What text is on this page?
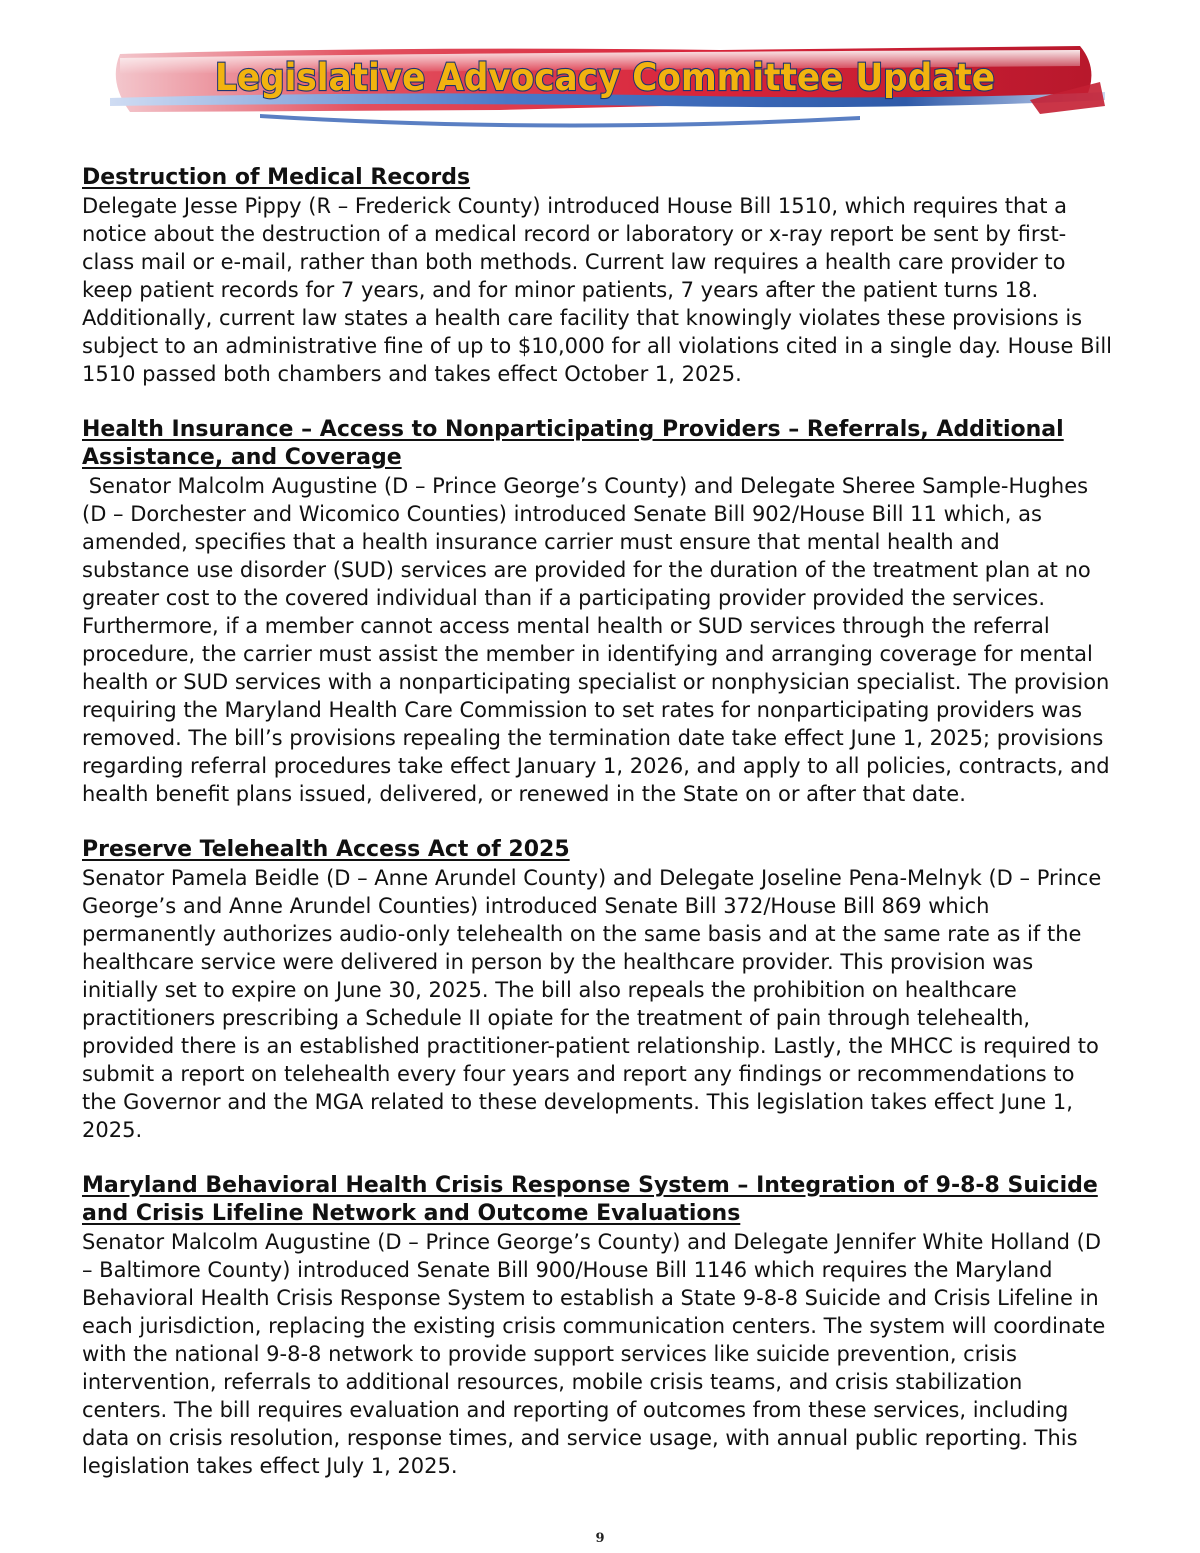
Legislative Advocacy Committee Update
Destruction of Medical Records

Delegate Jesse Pippy (R – Frederick County) introduced House Bill 1510, which requires that a notice about the destruction of a medical record or laboratory or x-ray report be sent by first-class mail or e-mail, rather than both methods. Current law requires a health care provider to keep patient records for 7 years, and for minor patients, 7 years after the patient turns 18. Additionally, current law states a health care facility that knowingly violates these provisions is subject to an administrative fine of up to $10,000 for all violations cited in a single day. House Bill 1510 passed both chambers and takes effect October 1, 2025.

Health Insurance – Access to Nonparticipating Providers – Referrals, Additional Assistance, and Coverage

Senator Malcolm Augustine (D – Prince George’s County) and Delegate Sheree Sample-Hughes (D – Dorchester and Wicomico Counties) introduced Senate Bill 902/House Bill 11 which, as amended, specifies that a health insurance carrier must ensure that mental health and substance use disorder (SUD) services are provided for the duration of the treatment plan at no greater cost to the covered individual than if a participating provider provided the services. Furthermore, if a member cannot access mental health or SUD services through the referral procedure, the carrier must assist the member in identifying and arranging coverage for mental health or SUD services with a nonparticipating specialist or nonphysician specialist. The provision requiring the Maryland Health Care Commission to set rates for nonparticipating providers was removed. The bill’s provisions repealing the termination date take effect June 1, 2025; provisions regarding referral procedures take effect January 1, 2026, and apply to all policies, contracts, and health benefit plans issued, delivered, or renewed in the State on or after that date.

Preserve Telehealth Access Act of 2025

Senator Pamela Beidle (D – Anne Arundel County) and Delegate Joseline Pena-Melnyk (D – Prince George’s and Anne Arundel Counties) introduced Senate Bill 372/House Bill 869 which permanently authorizes audio-only telehealth on the same basis and at the same rate as if the healthcare service were delivered in person by the healthcare provider. This provision was initially set to expire on June 30, 2025. The bill also repeals the prohibition on healthcare practitioners prescribing a Schedule II opiate for the treatment of pain through telehealth, provided there is an established practitioner-patient relationship. Lastly, the MHCC is required to submit a report on telehealth every four years and report any findings or recommendations to the Governor and the MGA related to these developments. This legislation takes effect June 1, 2025.

Maryland Behavioral Health Crisis Response System – Integration of 9-8-8 Suicide and Crisis Lifeline Network and Outcome Evaluations

Senator Malcolm Augustine (D – Prince George’s County) and Delegate Jennifer White Holland (D – Baltimore County) introduced Senate Bill 900/House Bill 1146 which requires the Maryland Behavioral Health Crisis Response System to establish a State 9-8-8 Suicide and Crisis Lifeline in each jurisdiction, replacing the existing crisis communication centers. The system will coordinate with the national 9-8-8 network to provide support services like suicide prevention, crisis intervention, referrals to additional resources, mobile crisis teams, and crisis stabilization centers. The bill requires evaluation and reporting of outcomes from these services, including data on crisis resolution, response times, and service usage, with annual public reporting. This legislation takes effect July 1, 2025.

9
